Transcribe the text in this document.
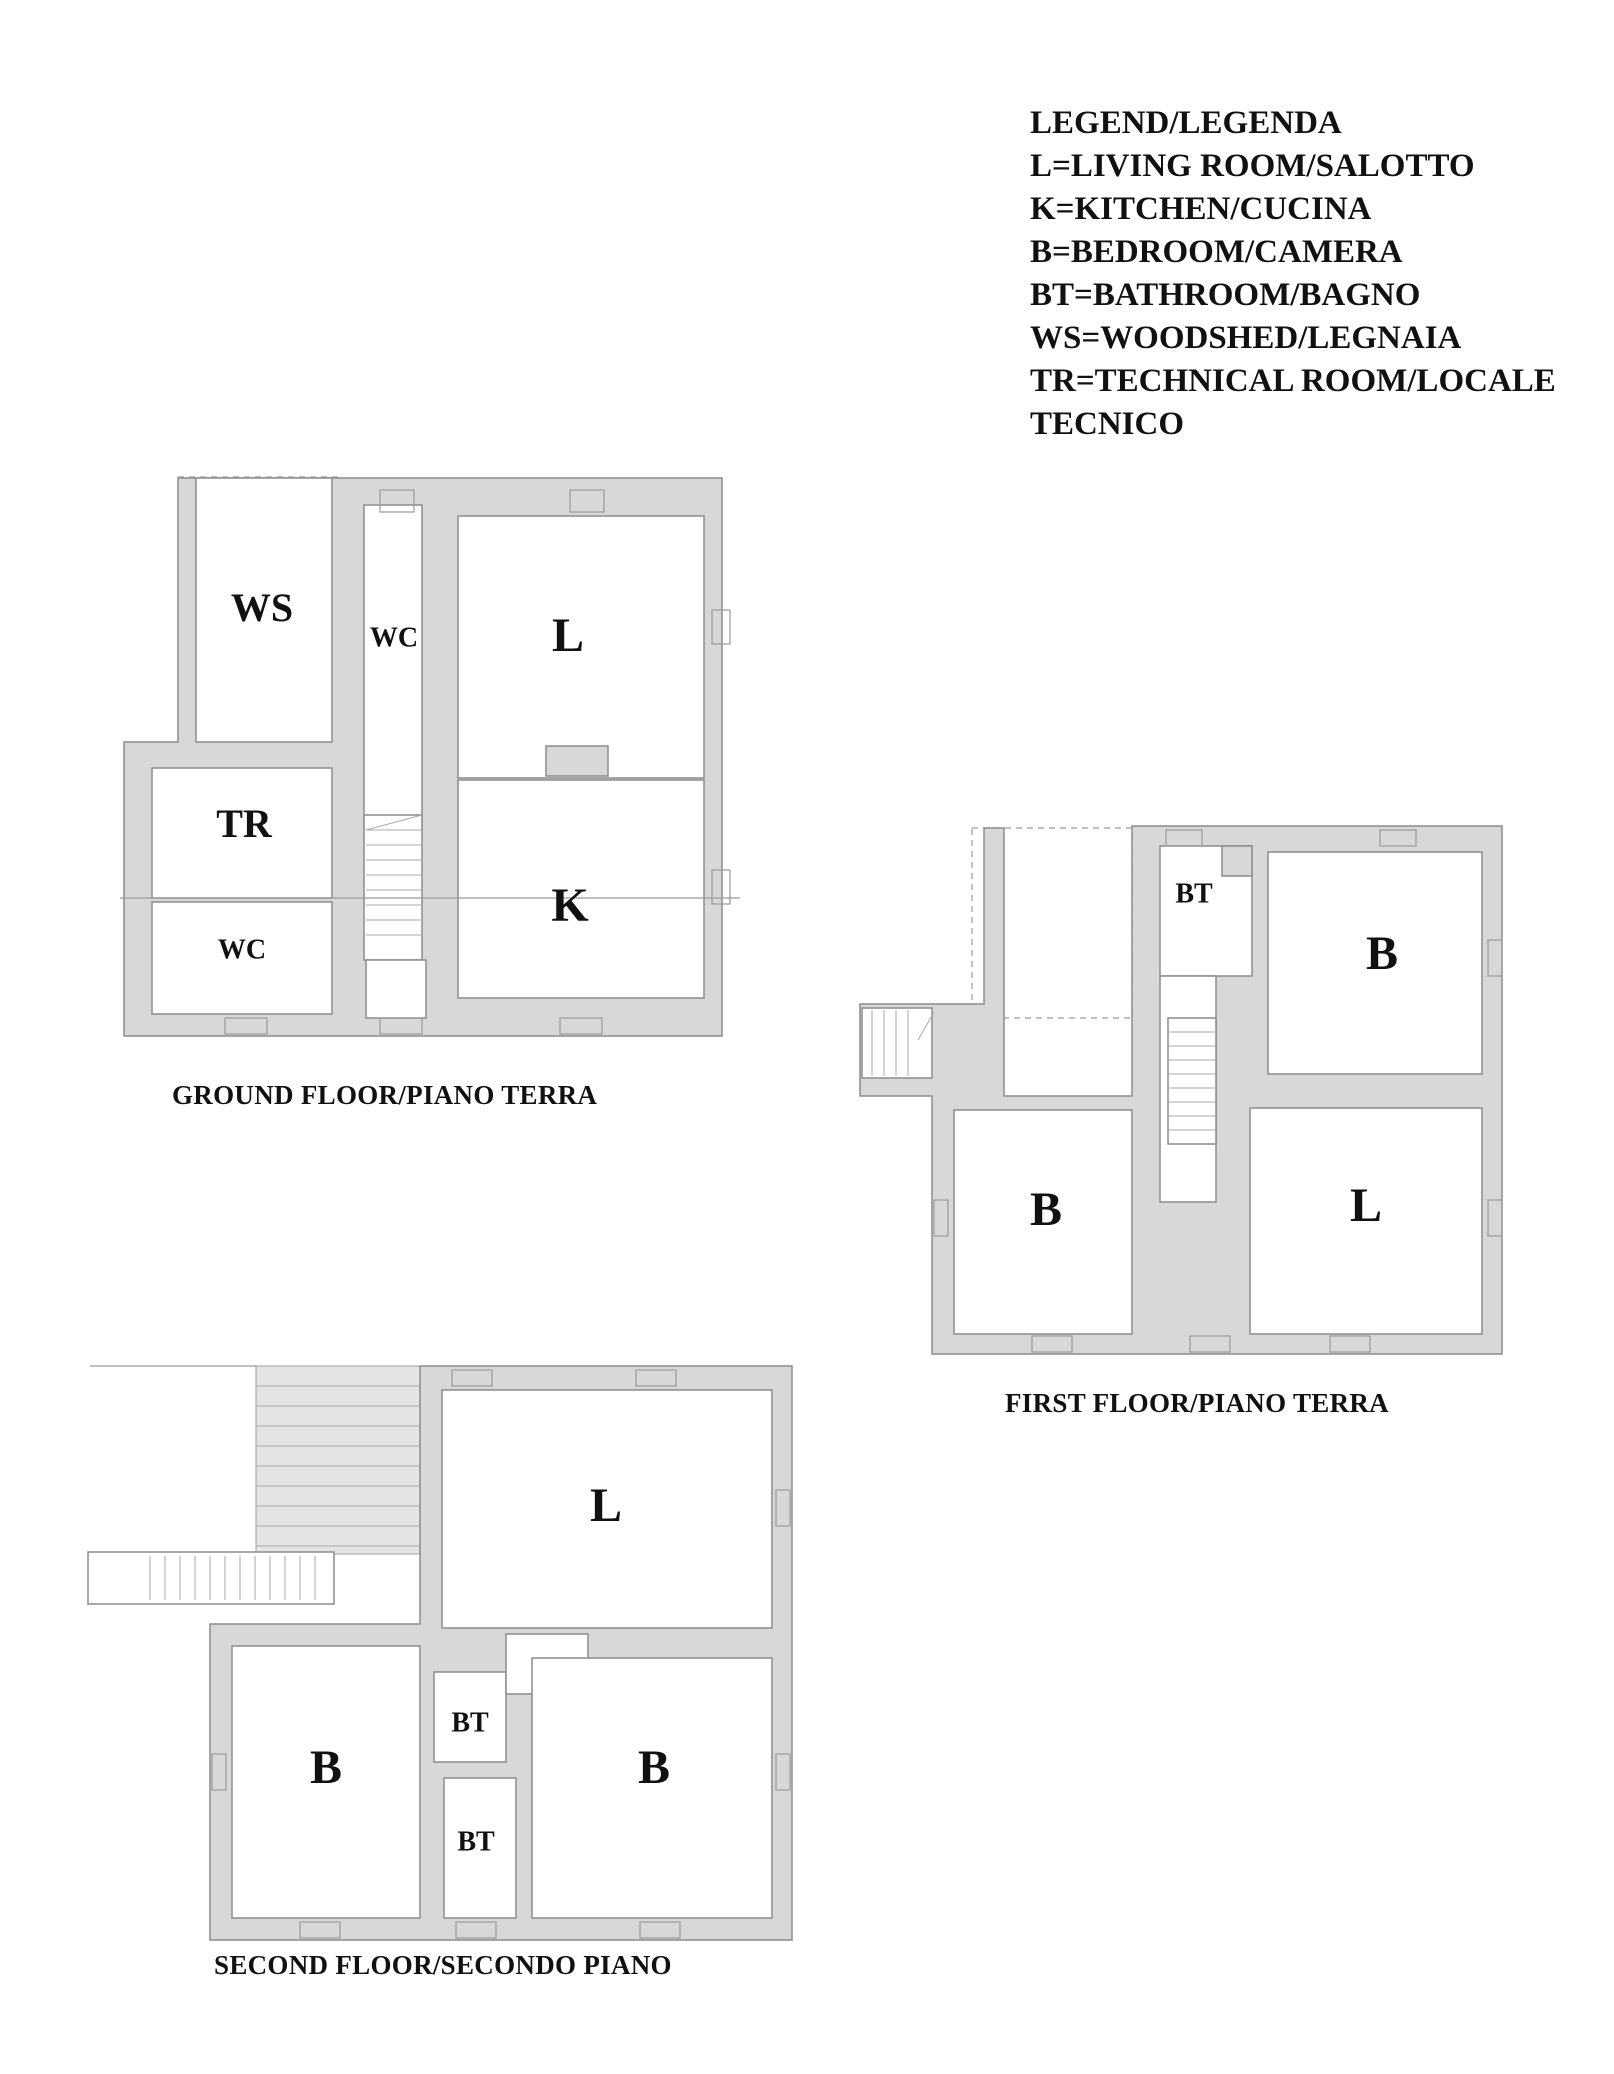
WS
WC	L
TR
WC
K	BT
B
B	L
L
BT
B	B
BT
LEGEND/LEGENDA
L=LIVING ROOM/SALOTTO
K=KITCHEN/CUCINA
B=BEDROOM/CAMERA
BT=BATHROOM/BAGNO
WS=WOODSHED/LEGNAIA
TR=TECHNICAL ROOM/LOCALE
TECNICO
GROUND FLOOR/PIANO TERRA
FIRST FLOOR/PIANO TERRA
SECOND FLOOR/SECONDO PIANO
